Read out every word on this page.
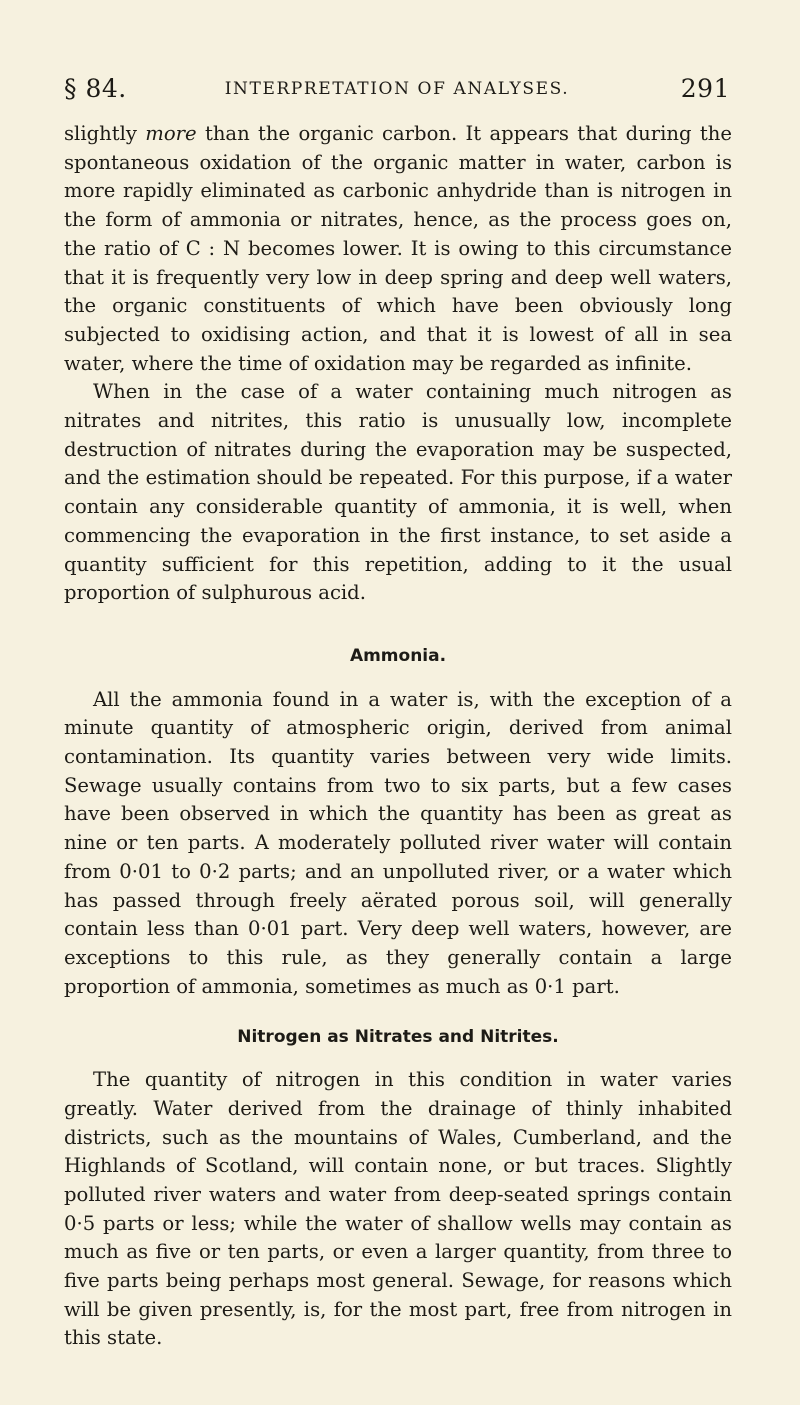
§ 84.	INTERPRETATION OF ANALYSES.	291

slightly more than the organic carbon. It appears that during the spontaneous oxidation of the organic matter in water, carbon is more rapidly eliminated as carbonic anhydride than is nitrogen in the form of ammonia or nitrates, hence, as the process goes on, the ratio of C : N becomes lower. It is owing to this circumstance that it is frequently very low in deep spring and deep well waters, the organic constituents of which have been obviously long subjected to oxidising action, and that it is lowest of all in sea water, where the time of oxidation may be regarded as infinite.

When in the case of a water containing much nitrogen as nitrates and nitrites, this ratio is unusually low, incomplete destruction of nitrates during the evaporation may be suspected, and the estimation should be repeated. For this purpose, if a water contain any considerable quantity of ammonia, it is well, when commencing the evaporation in the first instance, to set aside a quantity sufficient for this repetition, adding to it the usual proportion of sulphurous acid.

Ammonia.

All the ammonia found in a water is, with the exception of a minute quantity of atmospheric origin, derived from animal contamination. Its quantity varies between very wide limits. Sewage usually contains from two to six parts, but a few cases have been observed in which the quantity has been as great as nine or ten parts. A moderately polluted river water will contain from 0·01 to 0·2 parts; and an unpolluted river, or a water which has passed through freely aërated porous soil, will generally contain less than 0·01 part. Very deep well waters, however, are exceptions to this rule, as they generally contain a large proportion of ammonia, sometimes as much as 0·1 part.

Nitrogen as Nitrates and Nitrites.

The quantity of nitrogen in this condition in water varies greatly. Water derived from the drainage of thinly inhabited districts, such as the mountains of Wales, Cumberland, and the Highlands of Scotland, will contain none, or but traces. Slightly polluted river waters and water from deep-seated springs contain 0·5 parts or less; while the water of shallow wells may contain as much as five or ten parts, or even a larger quantity, from three to five parts being perhaps most general. Sewage, for reasons which will be given presently, is, for the most part, free from nitrogen in this state.
